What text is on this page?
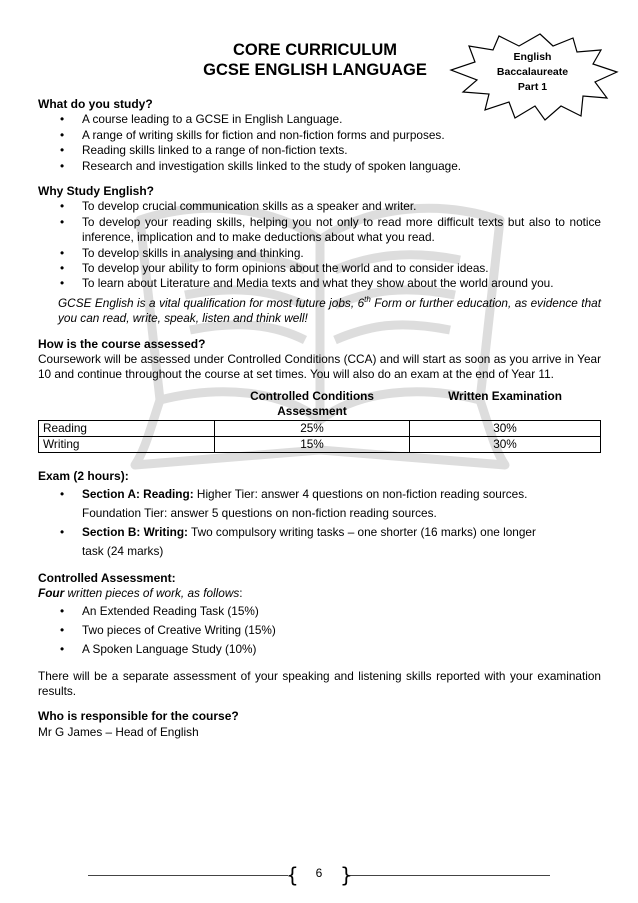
CORE CURRICULUM
GCSE ENGLISH LANGUAGE
English
Baccalaureate
Part 1
What do you study?
• A course leading to a GCSE in English Language.
• A range of writing skills for fiction and non-fiction forms and purposes.
• Reading skills linked to a range of non-fiction texts.
• Research and investigation skills linked to the study of spoken language.
Why Study English?
• To develop crucial communication skills as a speaker and writer.
• To develop your reading skills, helping you not only to read more difficult texts but also to notice inference, implication and to make deductions about what you read.
• To develop skills in analysing and thinking.
• To develop your ability to form opinions about the world and to consider ideas.
• To learn about Literature and Media texts and what they show about the world around you.

GCSE English is a vital qualification for most future jobs, 6th Form or further education, as evidence that you can read, write, speak, listen and think well!

How is the course assessed?

Coursework will be assessed under Controlled Conditions (CCA) and will start as soon as you arrive in Year 10 and continue throughout the course at set times. You will also do an exam at the end of Year 11.

	Controlled Conditions Assessment	Written Examination
Reading	25%	30%
Writing	15%	30%
Exam (2 hours):
• Section A: Reading: Higher Tier: answer 4 questions on non-fiction reading sources.
Foundation Tier: answer 5 questions on non-fiction reading sources.
• Section B: Writing: Two compulsory writing tasks – one shorter (16 marks) one longer task (24 marks)
Controlled Assessment:

Four written pieces of work, as follows:

• An Extended Reading Task (15%)
• Two pieces of Creative Writing (15%)
• A Spoken Language Study (10%)

There will be a separate assessment of your speaking and listening skills reported with your examination results.

Who is responsible for the course?

Mr G James – Head of English

{ }
6
